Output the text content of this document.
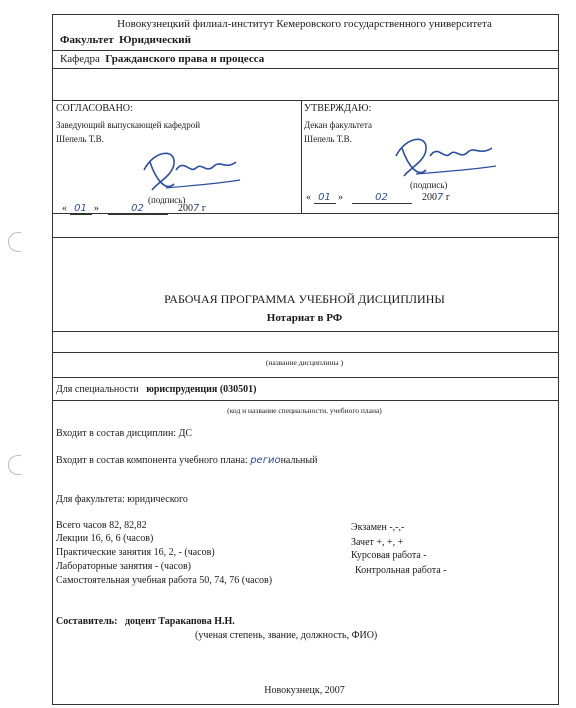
Новокузнецкий филиал-институт Кемеровского государственного университета
Факультет Юридический
Кафедра Гражданского права и процесса
СОГЛАСОВАНО:
Заведующий выпускающей кафедрой
Шепель Т.В.
(подпись)
« 01 »	02	2007 г
УТВЕРЖДАЮ:
Декан факультета
Шепель Т.В.
(подпись)
« 01 »	02	2007 г
РАБОЧАЯ ПРОГРАММА УЧЕБНОЙ ДИСЦИПЛИНЫ
Нотариат в РФ
(название дисциплины )
Для специальности юриспруденция (030501)
(код и название специальности, учебного плана)
Входит в состав дисциплин: ДС
Входит в состав компонента учебного плана: региональный
Для факультета: юридического
Всего часов 82, 82,82
Лекции 16, 6, 6 (часов)
Практические занятия 16, 2, - (часов)
Лабораторные занятия - (часов)
Самостоятельная учебная работа 50, 74, 76 (часов)
Экзамен -,-,-
Зачет +, +, +
Курсовая работа -
Контрольная работа -
Составитель: доцент Таракапова Н.Н.
(ученая степень, звание, должность, ФИО)
Новокузнецк, 2007
